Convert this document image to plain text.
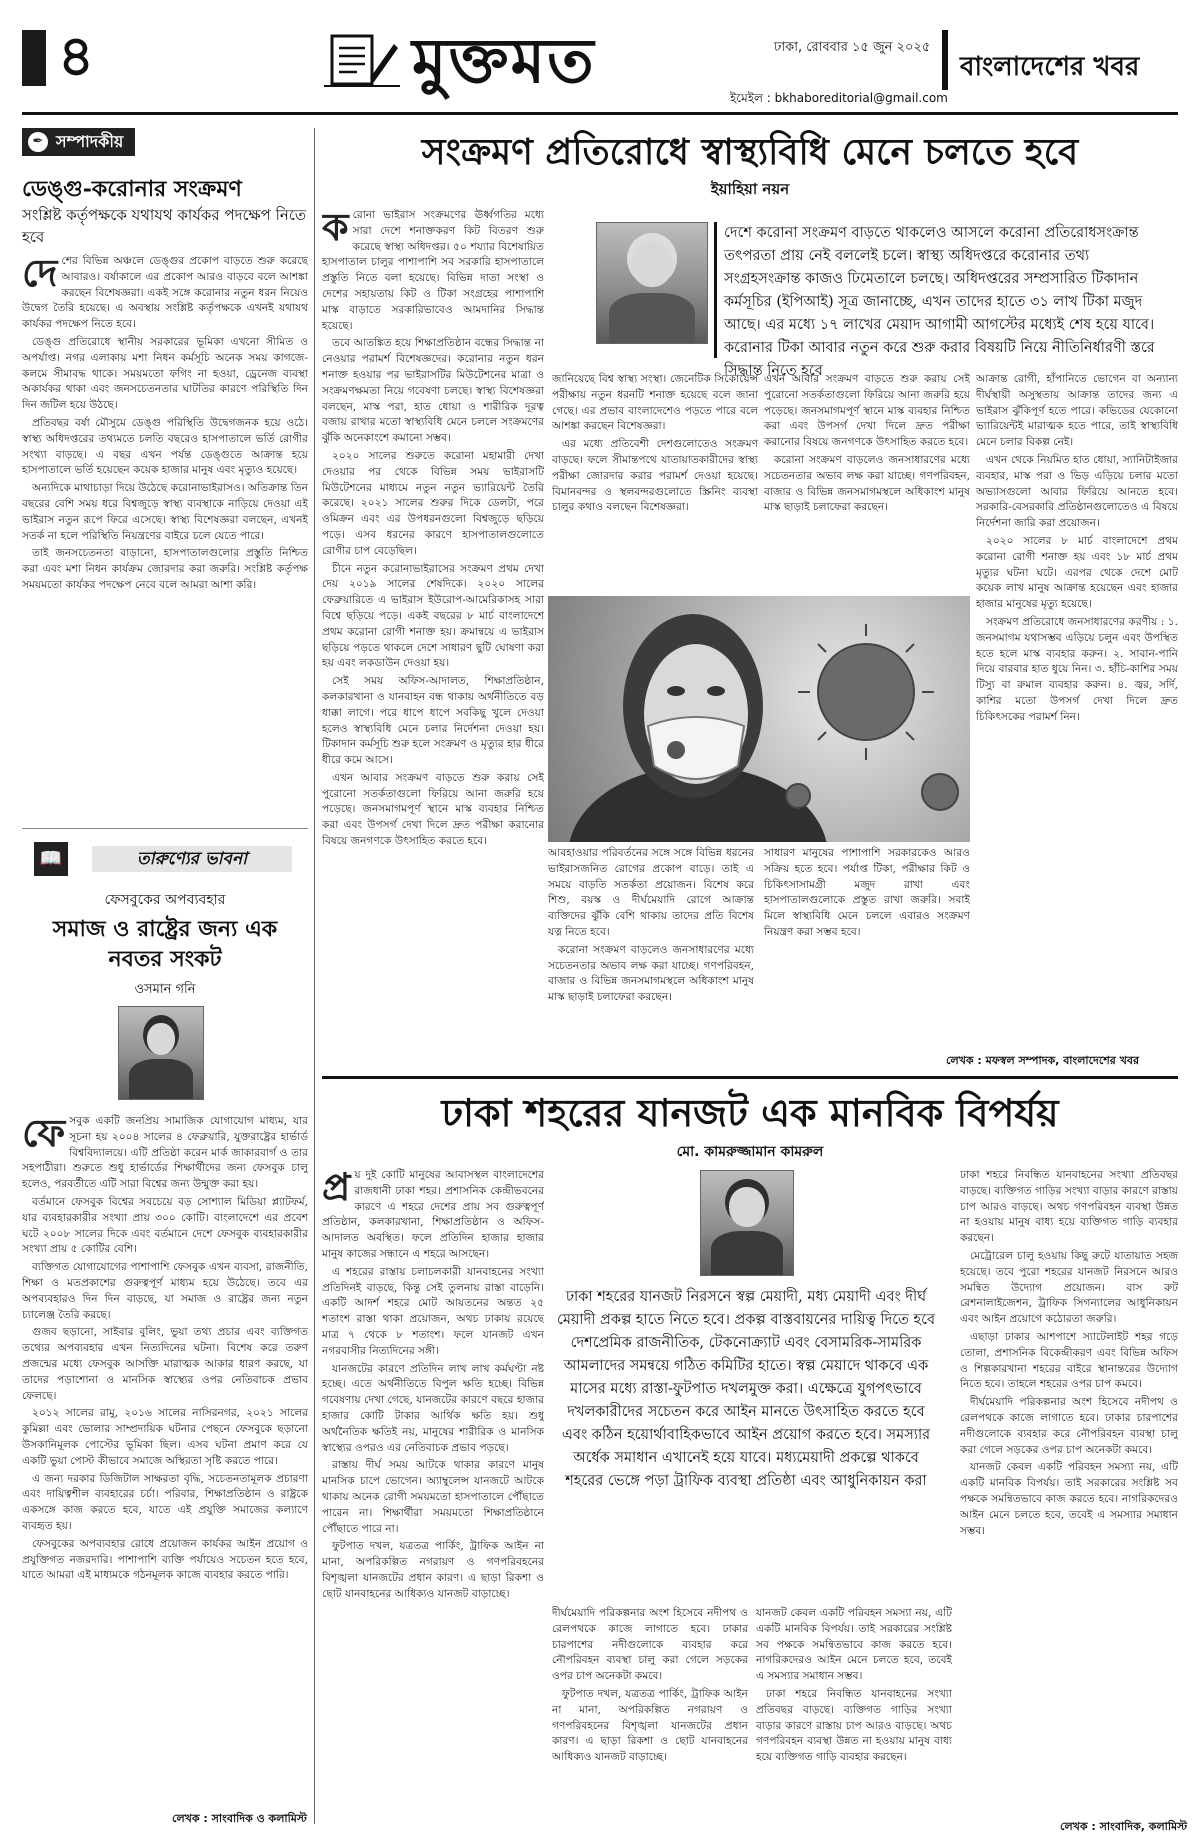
৪	মুক্তমত	ঢাকা, রোববার ১৫ জুন ২০২৫
ইমেইল : bkhaboreditorial@gmail.com
বাংলাদেশের খবর
✒ সম্পাদকীয়
ডেঙ্গু-করোনার সংক্রমণ
সংশ্লিষ্ট কর্তৃপক্ষকে যথাযথ কার্যকর পদক্ষেপ নিতে হবে
দে শের বিভিন্ন অঞ্চলে ডেঙ্গুর প্রকোপ বাড়তে শুরু করেছে আবারও। বর্ষাকালে এর প্রকোপ আরও বাড়বে বলে আশঙ্কা করছেন বিশেষজ্ঞরা। একই সঙ্গে করোনার নতুন ধরন নিয়েও উদ্বেগ তৈরি হয়েছে। এ অবস্থায় সংশ্লিষ্ট কর্তৃপক্ষকে এখনই যথাযথ কার্যকর পদক্ষেপ নিতে হবে।

ডেঙ্গু প্রতিরোধে স্থানীয় সরকারের ভূমিকা এখনো সীমিত ও অপর্যাপ্ত। নগর এলাকায় মশা নিধন কর্মসূচি অনেক সময় কাগজে-কলমে সীমাবদ্ধ থাকে। সময়মতো ফগিং না হওয়া, ড্রেনেজ ব্যবস্থা অকার্যকর থাকা এবং জনসচেতনতার ঘাটতির কারণে পরিস্থিতি দিন দিন জটিল হয়ে উঠছে।

প্রতিবছর বর্ষা মৌসুমে ডেঙ্গু পরিস্থিতি উদ্বেগজনক হয়ে ওঠে। স্বাস্থ্য অধিদপ্তরের তথ্যমতে চলতি বছরেও হাসপাতালে ভর্তি রোগীর সংখ্যা বাড়ছে। এ বছর এখন পর্যন্ত ডেঙ্গুতে আক্রান্ত হয়ে হাসপাতালে ভর্তি হয়েছেন কয়েক হাজার মানুষ এবং মৃত্যুও হয়েছে।

অন্যদিকে মাথাচাড়া দিয়ে উঠেছে করোনাভাইরাসও। অতিক্রান্ত তিন বছরের বেশি সময় ধরে বিশ্বজুড়ে স্বাস্থ্য ব্যবস্থাকে নাড়িয়ে দেওয়া এই ভাইরাস নতুন রূপে ফিরে এসেছে। স্বাস্থ্য বিশেষজ্ঞরা বলছেন, এখনই সতর্ক না হলে পরিস্থিতি নিয়ন্ত্রণের বাইরে চলে যেতে পারে।

তাই জনসচেতনতা বাড়ানো, হাসপাতালগুলোর প্রস্তুতি নিশ্চিত করা এবং মশা নিধন কার্যক্রম জোরদার করা জরুরি। সংশ্লিষ্ট কর্তৃপক্ষ সময়মতো কার্যকর পদক্ষেপ নেবে বলে আমরা আশা করি।

📖	তারুণ্যের ভাবনা
ফেসবুকের অপব্যবহার
সমাজ ও রাষ্ট্রের জন্য এক নবতর সংকট
ওসমান গনি
ফে সবুক একটি জনপ্রিয় সামাজিক যোগাযোগ মাধ্যম, যার সূচনা হয় ২০০৪ সালের ৪ ফেব্রুয়ারি, যুক্তরাষ্ট্রের হার্ভার্ড বিশ্ববিদ্যালয়ে। এটি প্রতিষ্ঠা করেন মার্ক জাকারবার্গ ও তার সহপাঠীরা। শুরুতে শুধু হার্ভার্ডের শিক্ষার্থীদের জন্য ফেসবুক চালু হলেও, পরবর্তীতে এটি সারা বিশ্বের জন্য উন্মুক্ত করা হয়।

বর্তমানে ফেসবুক বিশ্বের সবচেয়ে বড় সোশ্যাল মিডিয়া প্ল্যাটফর্ম, যার ব্যবহারকারীর সংখ্যা প্রায় ৩০০ কোটি। বাংলাদেশে এর প্রবেশ ঘটে ২০০৮ সালের দিকে এবং বর্তমানে দেশে ফেসবুক ব্যবহারকারীর সংখ্যা প্রায় ৫ কোটির বেশি।

ব্যক্তিগত যোগাযোগের পাশাপাশি ফেসবুক এখন ব্যবসা, রাজনীতি, শিক্ষা ও মতপ্রকাশের গুরুত্বপূর্ণ মাধ্যম হয়ে উঠেছে। তবে এর অপব্যবহারও দিন দিন বাড়ছে, যা সমাজ ও রাষ্ট্রের জন্য নতুন চ্যালেঞ্জ তৈরি করছে।

গুজব ছড়ানো, সাইবার বুলিং, ভুয়া তথ্য প্রচার এবং ব্যক্তিগত তথ্যের অপব্যবহার এখন নিত্যদিনের ঘটনা। বিশেষ করে তরুণ প্রজন্মের মধ্যে ফেসবুক আসক্তি মারাত্মক আকার ধারণ করছে, যা তাদের পড়াশোনা ও মানসিক স্বাস্থ্যের ওপর নেতিবাচক প্রভাব ফেলছে।

২০১২ সালের রামু, ২০১৬ সালের নাসিরনগর, ২০২১ সালের কুমিল্লা এবং ভোলার সাম্প্রদায়িক ঘটনার পেছনে ফেসবুকে ছড়ানো উসকানিমূলক পোস্টের ভূমিকা ছিল। এসব ঘটনা প্রমাণ করে যে একটি ভুয়া পোস্ট কীভাবে সমাজে অস্থিরতা সৃষ্টি করতে পারে।

এ জন্য দরকার ডিজিটাল সাক্ষরতা বৃদ্ধি, সচেতনতামূলক প্রচারণা এবং দায়িত্বশীল ব্যবহারের চর্চা। পরিবার, শিক্ষাপ্রতিষ্ঠান ও রাষ্ট্রকে একসঙ্গে কাজ করতে হবে, যাতে এই প্রযুক্তি সমাজের কল্যাণে ব্যবহৃত হয়।

ফেসবুকের অপব্যবহার রোধে প্রয়োজন কার্যকর আইন প্রয়োগ ও প্রযুক্তিগত নজরদারি। পাশাপাশি ব্যক্তি পর্যায়েও সচেতন হতে হবে, যাতে আমরা এই মাধ্যমকে গঠনমূলক কাজে ব্যবহার করতে পারি।

লেখক : সাংবাদিক ও কলামিস্ট
সংক্রমণ প্রতিরোধে স্বাস্থ্যবিধি মেনে চলতে হবে
ইয়াহিয়া নয়ন
ক রোনা ভাইরাস সংক্রমণের ঊর্ধ্বগতির মধ্যে সারা দেশে শনাক্তকরণ কিট বিতরণ শুরু করেছে স্বাস্থ্য অধিদপ্তর। ৫০ শয্যার বিশেষায়িত হাসপাতাল চালুর পাশাপাশি সব সরকারি হাসপাতালে প্রস্তুতি নিতে বলা হয়েছে। বিভিন্ন দাতা সংস্থা ও দেশের সহায়তায় কিট ও টিকা সংগ্রহের পাশাপাশি মাস্ক বাড়াতে সরকারিভাবেও আমদানির সিদ্ধান্ত হয়েছে।

তবে আতঙ্কিত হয়ে শিক্ষাপ্রতিষ্ঠান বন্ধের সিদ্ধান্ত না নেওয়ার পরামর্শ বিশেষজ্ঞদের। করোনার নতুন ধরন শনাক্ত হওয়ার পর ভাইরাসটির মিউটেশনের মাত্রা ও সংক্রমণক্ষমতা নিয়ে গবেষণা চলছে। স্বাস্থ্য বিশেষজ্ঞরা বলছেন, মাস্ক পরা, হাত ধোয়া ও শারীরিক দূরত্ব বজায় রাখার মতো স্বাস্থ্যবিধি মেনে চললে সংক্রমণের ঝুঁকি অনেকাংশে কমানো সম্ভব।

২০২০ সালের শুরুতে করোনা মহামারী দেখা দেওয়ার পর থেকে বিভিন্ন সময় ভাইরাসটি মিউটেশনের মাধ্যমে নতুন নতুন ভ্যারিয়েন্ট তৈরি করেছে। ২০২১ সালের শুরুর দিকে ডেলটা, পরে ওমিক্রন এবং এর উপধরনগুলো বিশ্বজুড়ে ছড়িয়ে পড়ে। এসব ধরনের কারণে হাসপাতালগুলোতে রোগীর চাপ বেড়েছিল।

চীনে নতুন করোনাভাইরাসের সংক্রমণ প্রথম দেখা দেয় ২০১৯ সালের শেষদিকে। ২০২০ সালের ফেব্রুয়ারিতে এ ভাইরাস ইউরোপ-আমেরিকাসহ সারা বিশ্বে ছড়িয়ে পড়ে। একই বছরের ৮ মার্চ বাংলাদেশে প্রথম করোনা রোগী শনাক্ত হয়। ক্রমান্বয়ে এ ভাইরাস ছড়িয়ে পড়তে থাকলে দেশে সাধারণ ছুটি ঘোষণা করা হয় এবং লকডাউন দেওয়া হয়।

সেই সময় অফিস-আদালত, শিক্ষাপ্রতিষ্ঠান, কলকারখানা ও যানবাহন বন্ধ থাকায় অর্থনীতিতে বড় ধাক্কা লাগে। পরে ধাপে ধাপে সবকিছু খুলে দেওয়া হলেও স্বাস্থ্যবিধি মেনে চলার নির্দেশনা দেওয়া হয়। টিকাদান কর্মসূচি শুরু হলে সংক্রমণ ও মৃত্যুর হার ধীরে ধীরে কমে আসে।

এখন আবার সংক্রমণ বাড়তে শুরু করায় সেই পুরোনো সতর্কতাগুলো ফিরিয়ে আনা জরুরি হয়ে পড়েছে। জনসমাগমপূর্ণ স্থানে মাস্ক ব্যবহার নিশ্চিত করা এবং উপসর্গ দেখা দিলে দ্রুত পরীক্ষা করানোর বিষয়ে জনগণকে উৎসাহিত করতে হবে।

দেশে করোনা সংক্রমণ বাড়তে থাকলেও আসলে করোনা প্রতিরোধসংক্রান্ত তৎপরতা প্রায় নেই বললেই চলে। স্বাস্থ্য অধিদপ্তরে করোনার তথ্য সংগ্রহসংক্রান্ত কাজও ঢিমেতালে চলছে। অধিদপ্তরের সম্প্রসারিত টিকাদান কর্মসূচির (ইপিআই) সূত্র জানাচ্ছে, এখন তাদের হাতে ৩১ লাখ টিকা মজুদ আছে। এর মধ্যে ১৭ লাখের মেয়াদ আগামী আগস্টের মধ্যেই শেষ হয়ে যাবে। করোনার টিকা আবার নতুন করে শুরু করার বিষয়টি নিয়ে নীতিনির্ধারণী স্তরে সিদ্ধান্ত নিতে হবে

জানিয়েছে বিশ্ব স্বাস্থ্য সংস্থা। জেনেটিক সিকোয়েন্স পরীক্ষায় নতুন ধরনটি শনাক্ত হয়েছে বলে জানা গেছে। এর প্রভাব বাংলাদেশেও পড়তে পারে বলে আশঙ্কা করছেন বিশেষজ্ঞরা।

এর মধ্যে প্রতিবেশী দেশগুলোতেও সংক্রমণ বাড়ছে। ফলে সীমান্তপথে যাতায়াতকারীদের স্বাস্থ্য পরীক্ষা জোরদার করার পরামর্শ দেওয়া হয়েছে। বিমানবন্দর ও স্থলবন্দরগুলোতে স্ক্রিনিং ব্যবস্থা চালুর কথাও বলছেন বিশেষজ্ঞরা।

আবহাওয়ার পরিবর্তনের সঙ্গে সঙ্গে বিভিন্ন ধরনের ভাইরাসজনিত রোগের প্রকোপ বাড়ে। তাই এ সময়ে বাড়তি সতর্কতা প্রয়োজন। বিশেষ করে শিশু, বয়স্ক ও দীর্ঘমেয়াদি রোগে আক্রান্ত ব্যক্তিদের ঝুঁকি বেশি থাকায় তাদের প্রতি বিশেষ যত্ন নিতে হবে।

করোনা সংক্রমণ বাড়লেও জনসাধারণের মধ্যে সচেতনতার অভাব লক্ষ করা যাচ্ছে। গণপরিবহন, বাজার ও বিভিন্ন জনসমাগমস্থলে অধিকাংশ মানুষ মাস্ক ছাড়াই চলাফেরা করছেন।

সাধারণ মানুষের পাশাপাশি সরকারকেও আরও সক্রিয় হতে হবে। পর্যাপ্ত টিকা, পরীক্ষার কিট ও চিকিৎসাসামগ্রী মজুদ রাখা এবং হাসপাতালগুলোকে প্রস্তুত রাখা জরুরি। সবাই মিলে স্বাস্থ্যবিধি মেনে চললে এবারও সংক্রমণ নিয়ন্ত্রণ করা সম্ভব হবে।

আক্রান্ত রোগী, হাঁপানিতে ভোগেন বা অন্যান্য দীর্ঘস্থায়ী অসুস্থতায় আক্রান্ত তাদের জন্য এ ভাইরাস ঝুঁকিপূর্ণ হতে পারে। কভিডের যেকোনো ভ্যারিয়েন্টই মারাত্মক হতে পারে, তাই স্বাস্থ্যবিধি মেনে চলার বিকল্প নেই।

এখন থেকে নিয়মিত হাত ধোয়া, স্যানিটাইজার ব্যবহার, মাস্ক পরা ও ভিড় এড়িয়ে চলার মতো অভ্যাসগুলো আবার ফিরিয়ে আনতে হবে। সরকারি-বেসরকারি প্রতিষ্ঠানগুলোতেও এ বিষয়ে নির্দেশনা জারি করা প্রয়োজন।

২০২০ সালের ৮ মার্চ বাংলাদেশে প্রথম করোনা রোগী শনাক্ত হয় এবং ১৮ মার্চ প্রথম মৃত্যুর ঘটনা ঘটে। এরপর থেকে দেশে মোট কয়েক লাখ মানুষ আক্রান্ত হয়েছেন এবং হাজার হাজার মানুষের মৃত্যু হয়েছে।

সংক্রমণ প্রতিরোধে জনসাধারণের করণীয় : ১. জনসমাগম যথাসম্ভব এড়িয়ে চলুন এবং উপস্থিত হতে হলে মাস্ক ব্যবহার করুন। ২. সাবান-পানি দিয়ে বারবার হাত ধুয়ে নিন। ৩. হাঁচি-কাশির সময় টিস্যু বা রুমাল ব্যবহার করুন। ৪. জ্বর, সর্দি, কাশির মতো উপসর্গ দেখা দিলে দ্রুত চিকিৎসকের পরামর্শ নিন।

এখন আবার সংক্রমণ বাড়তে শুরু করায় সেই পুরোনো সতর্কতাগুলো ফিরিয়ে আনা জরুরি হয়ে পড়েছে। জনসমাগমপূর্ণ স্থানে মাস্ক ব্যবহার নিশ্চিত করা এবং উপসর্গ দেখা দিলে দ্রুত পরীক্ষা করানোর বিষয়ে জনগণকে উৎসাহিত করতে হবে।

করোনা সংক্রমণ বাড়লেও জনসাধারণের মধ্যে সচেতনতার অভাব লক্ষ করা যাচ্ছে। গণপরিবহন, বাজার ও বিভিন্ন জনসমাগমস্থলে অধিকাংশ মানুষ মাস্ক ছাড়াই চলাফেরা করছেন।

লেখক : মফস্বল সম্পাদক, বাংলাদেশের খবর
ঢাকা শহরের যানজট এক মানবিক বিপর্যয়
মো. কামরুজ্জামান কামরুল
প্র য় দুই কোটি মানুষের আবাসস্থল বাংলাদেশের রাজধানী ঢাকা শহর। প্রশাসনিক কেন্দ্রীভবনের কারণে এ শহরে দেশের প্রায় সব গুরুত্বপূর্ণ প্রতিষ্ঠান, কলকারখানা, শিক্ষাপ্রতিষ্ঠান ও অফিস-আদালত অবস্থিত। ফলে প্রতিদিন হাজার হাজার মানুষ কাজের সন্ধানে এ শহরে আসছেন।

এ শহরের রাস্তায় চলাচলকারী যানবাহনের সংখ্যা প্রতিদিনই বাড়ছে, কিন্তু সেই তুলনায় রাস্তা বাড়েনি। একটি আদর্শ শহরে মোট আয়তনের অন্তত ২৫ শতাংশ রাস্তা থাকা প্রয়োজন, অথচ ঢাকায় রয়েছে মাত্র ৭ থেকে ৮ শতাংশ। ফলে যানজট এখন নগরবাসীর নিত্যদিনের সঙ্গী।

যানজটের কারণে প্রতিদিন লাখ লাখ কর্মঘণ্টা নষ্ট হচ্ছে। এতে অর্থনীতিতে বিপুল ক্ষতি হচ্ছে। বিভিন্ন গবেষণায় দেখা গেছে, যানজটের কারণে বছরে হাজার হাজার কোটি টাকার আর্থিক ক্ষতি হয়। শুধু অর্থনৈতিক ক্ষতিই নয়, মানুষের শারীরিক ও মানসিক স্বাস্থ্যের ওপরও এর নেতিবাচক প্রভাব পড়ছে।

রাস্তায় দীর্ঘ সময় আটকে থাকার কারণে মানুষ মানসিক চাপে ভোগেন। অ্যাম্বুলেন্স যানজটে আটকে থাকায় অনেক রোগী সময়মতো হাসপাতালে পৌঁছাতে পারেন না। শিক্ষার্থীরা সময়মতো শিক্ষাপ্রতিষ্ঠানে পৌঁছাতে পারে না।

ফুটপাত দখল, যত্রতত্র পার্কিং, ট্রাফিক আইন না মানা, অপরিকল্পিত নগরায়ণ ও গণপরিবহনের বিশৃঙ্খলা যানজটের প্রধান কারণ। এ ছাড়া রিকশা ও ছোট যানবাহনের আধিক্যও যানজট বাড়াচ্ছে।

ঢাকা শহরের যানজট নিরসনে স্বল্প মেয়াদী, মধ্য মেয়াদী এবং দীর্ঘ মেয়াদী প্রকল্প হাতে নিতে হবে। প্রকল্প বাস্তবায়নের দায়িত্ব দিতে হবে দেশপ্রেমিক রাজনীতিক, টেকনোক্র্যাট এবং বেসামরিক-সামরিক আমলাদের সমন্বয়ে গঠিত কমিটির হাতে। স্বল্প মেয়াদে থাকবে এক মাসের মধ্যে রাস্তা-ফুটপাত দখলমুক্ত করা। এক্ষেত্রে যুগপৎভাবে দখলকারীদের সচেতন করে আইন মানতে উৎসাহিত করতে হবে এবং কঠিন হয়োর্থাবাহিকভাবে আইন প্রয়োগ করতে হবে। সমস্যার অর্ধেক সমাধান এখানেই হয়ে যাবে। মধ্যমেয়াদী প্রকল্পে থাকবে শহরের ভেঙ্গে পড়া ট্রাফিক ব্যবস্থা প্রতিষ্ঠা এবং আধুনিকায়ন করা

দীর্ঘমেয়াদি পরিকল্পনার অংশ হিসেবে নদীপথ ও রেলপথকে কাজে লাগাতে হবে। ঢাকার চারপাশের নদীগুলোকে ব্যবহার করে নৌপরিবহন ব্যবস্থা চালু করা গেলে সড়কের ওপর চাপ অনেকটা কমবে।

ফুটপাত দখল, যত্রতত্র পার্কিং, ট্রাফিক আইন না মানা, অপরিকল্পিত নগরায়ণ ও গণপরিবহনের বিশৃঙ্খলা যানজটের প্রধান কারণ। এ ছাড়া রিকশা ও ছোট যানবাহনের আধিক্যও যানজট বাড়াচ্ছে।

যানজট কেবল একটি পরিবহন সমস্যা নয়, এটি একটি মানবিক বিপর্যয়। তাই সরকারের সংশ্লিষ্ট সব পক্ষকে সমন্বিতভাবে কাজ করতে হবে। নাগরিকদেরও আইন মেনে চলতে হবে, তবেই এ সমস্যার সমাধান সম্ভব।

ঢাকা শহরে নিবন্ধিত যানবাহনের সংখ্যা প্রতিবছর বাড়ছে। ব্যক্তিগত গাড়ির সংখ্যা বাড়ার কারণে রাস্তায় চাপ আরও বাড়ছে। অথচ গণপরিবহন ব্যবস্থা উন্নত না হওয়ায় মানুষ বাধ্য হয়ে ব্যক্তিগত গাড়ি ব্যবহার করছেন।

ঢাকা শহরে নিবন্ধিত যানবাহনের সংখ্যা প্রতিবছর বাড়ছে। ব্যক্তিগত গাড়ির সংখ্যা বাড়ার কারণে রাস্তায় চাপ আরও বাড়ছে। অথচ গণপরিবহন ব্যবস্থা উন্নত না হওয়ায় মানুষ বাধ্য হয়ে ব্যক্তিগত গাড়ি ব্যবহার করছেন।

মেট্রোরেল চালু হওয়ায় কিছু রুটে যাতায়াত সহজ হয়েছে। তবে পুরো শহরের যানজট নিরসনে আরও সমন্বিত উদ্যোগ প্রয়োজন। বাস রুট রেশনালাইজেশন, ট্রাফিক সিগন্যালের আধুনিকায়ন এবং আইন প্রয়োগে কঠোরতা জরুরি।

এছাড়া ঢাকার আশপাশে স্যাটেলাইট শহর গড়ে তোলা, প্রশাসনিক বিকেন্দ্রীকরণ এবং বিভিন্ন অফিস ও শিল্পকারখানা শহরের বাইরে স্থানান্তরের উদ্যোগ নিতে হবে। তাহলে শহরের ওপর চাপ কমবে।

দীর্ঘমেয়াদি পরিকল্পনার অংশ হিসেবে নদীপথ ও রেলপথকে কাজে লাগাতে হবে। ঢাকার চারপাশের নদীগুলোকে ব্যবহার করে নৌপরিবহন ব্যবস্থা চালু করা গেলে সড়কের ওপর চাপ অনেকটা কমবে।

যানজট কেবল একটি পরিবহন সমস্যা নয়, এটি একটি মানবিক বিপর্যয়। তাই সরকারের সংশ্লিষ্ট সব পক্ষকে সমন্বিতভাবে কাজ করতে হবে। নাগরিকদেরও আইন মেনে চলতে হবে, তবেই এ সমস্যার সমাধান সম্ভব।

লেখক : সাংবাদিক, কলামিস্ট
